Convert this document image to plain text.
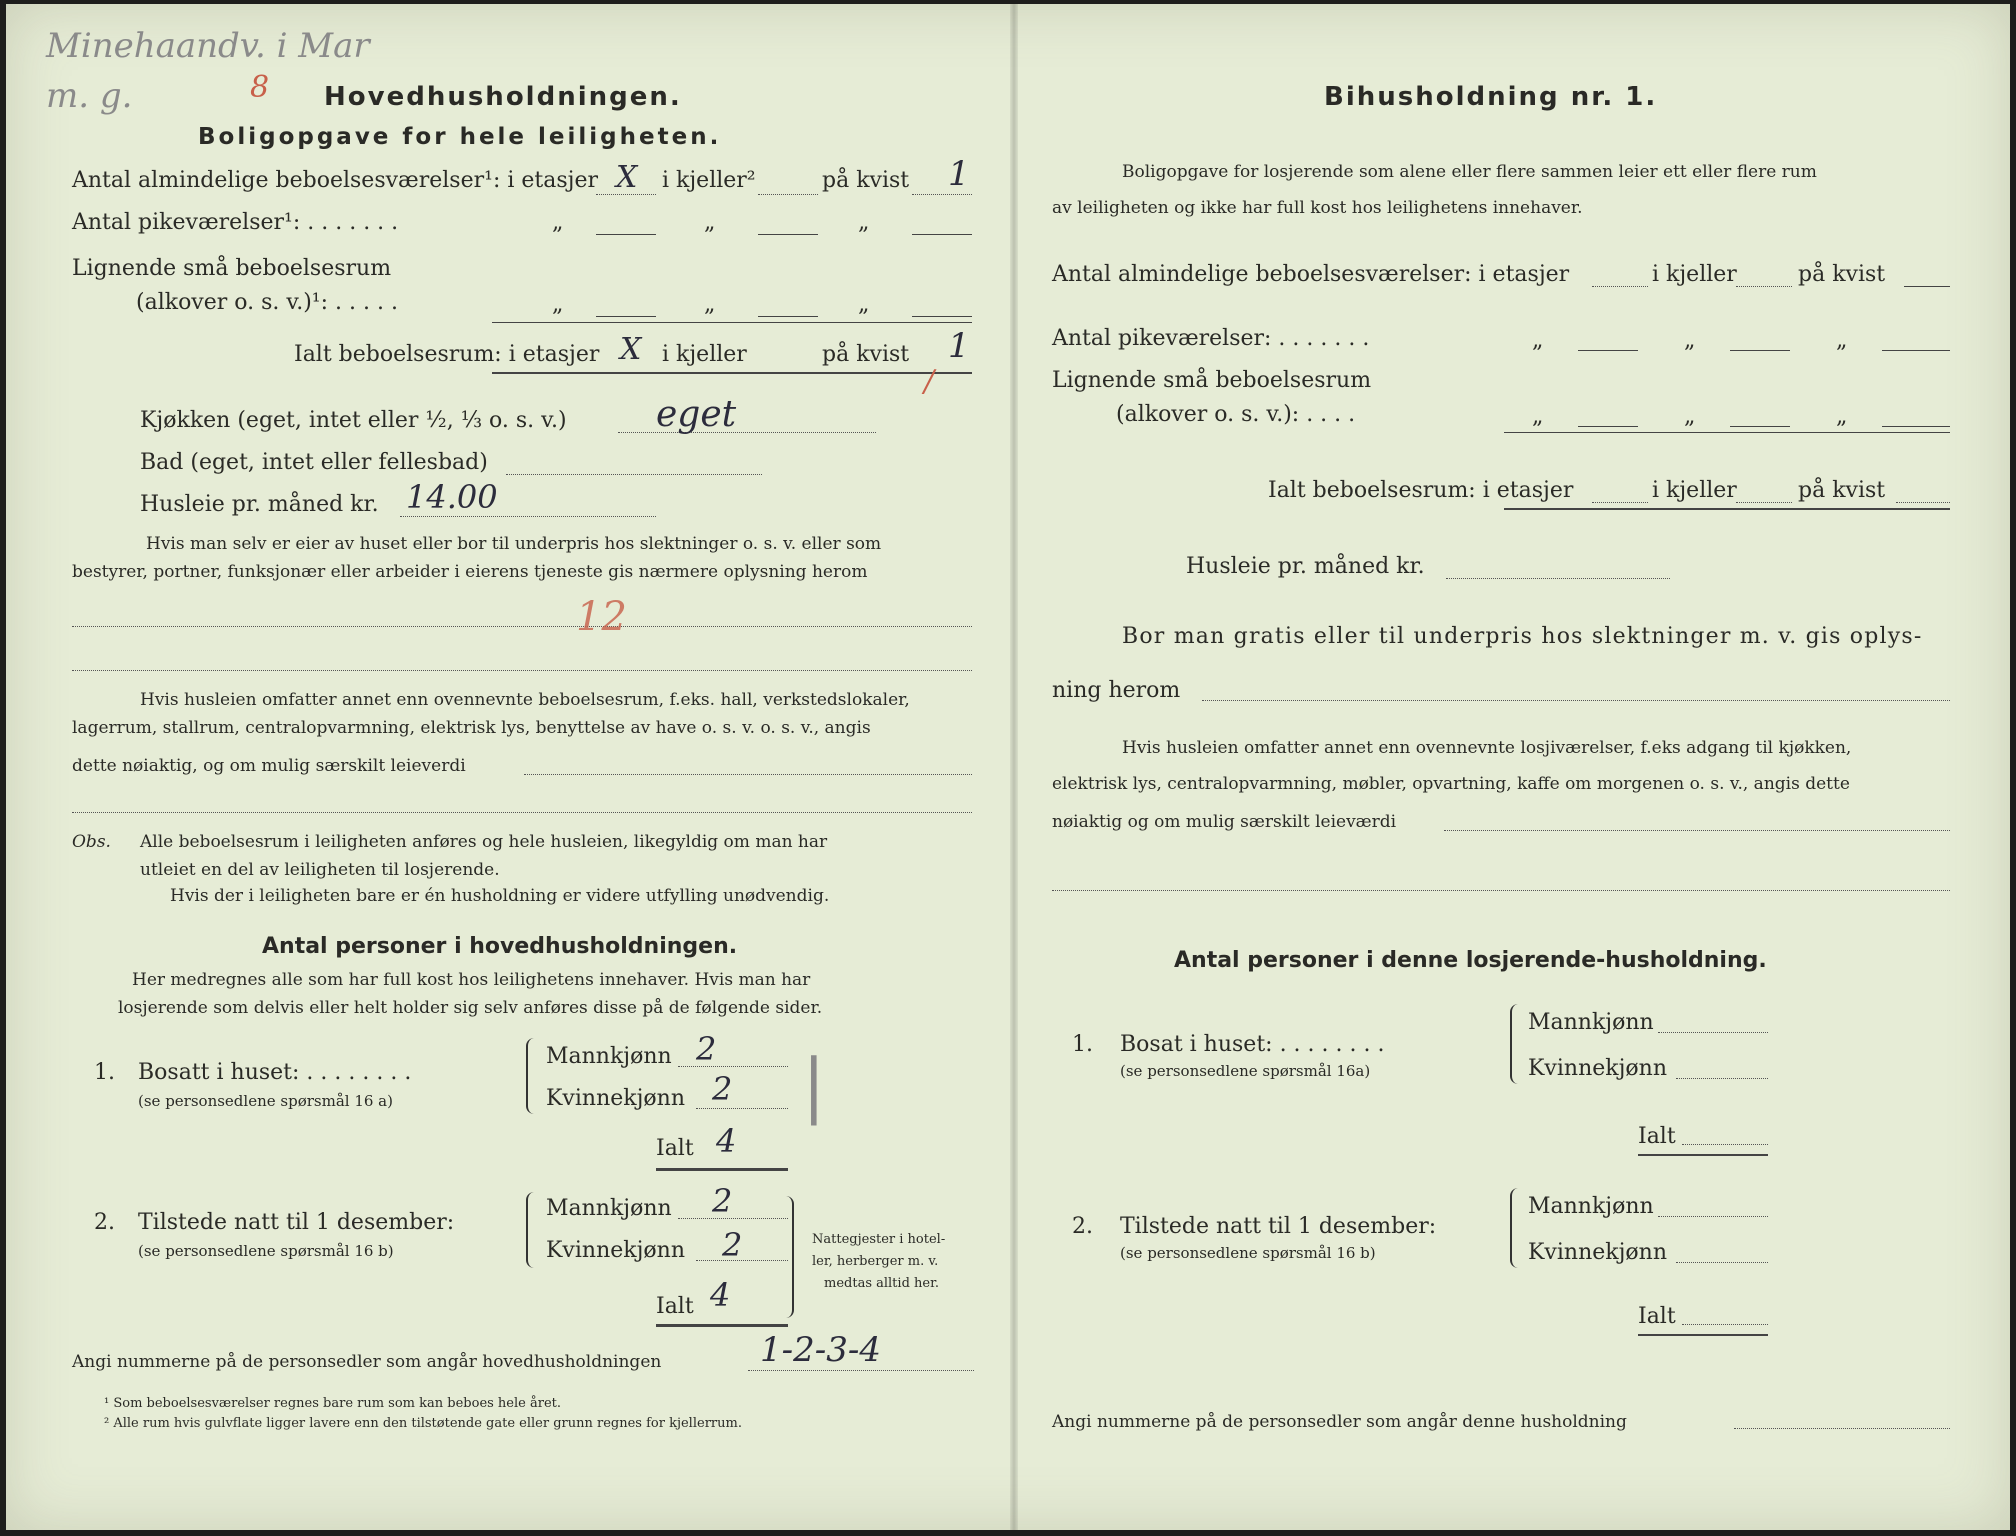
Minehaandv. i Mar
m. g.	8 Hovedhusholdningen.
Boligopgave for hele leiligheten.
Antal almindelige beboelsesværelser¹: i etasjer X i kjeller²	på kvist 1
Antal pikeværelser¹: . . . . . . .	„	„	„
Lignende små beboelsesrum
(alkover o. s. v.)¹: . . . . .	„	„	„
Ialt beboelsesrum: i etasjer X i kjeller	på kvist 1
/
Kjøkken (eget, intet eller ½, ⅓ o. s. v.) eget
Bad (eget, intet eller fellesbad)
Husleie pr. måned kr. 14.00
Hvis man selv er eier av huset eller bor til underpris hos slektninger o. s. v. eller som
bestyrer, portner, funksjonær eller arbeider i eierens tjeneste gis nærmere oplysning herom
12
Hvis husleien omfatter annet enn ovennevnte beboelsesrum, f.eks. hall, verkstedslokaler,
lagerrum, stallrum, centralopvarmning, elektrisk lys, benyttelse av have o. s. v. o. s. v., angis
dette nøiaktig, og om mulig særskilt leieverdi
Obs. Alle beboelsesrum i leiligheten anføres og hele husleien, likegyldig om man har
utleiet en del av leiligheten til losjerende.
Hvis der i leiligheten bare er én husholdning er videre utfylling unødvendig.
Antal personer i hovedhusholdningen.
Her medregnes alle som har full kost hos leilighetens innehaver. Hvis man har
losjerende som delvis eller helt holder sig selv anføres disse på de følgende sider.
1. Bosatt i huset: . . . . . . . .
(se personsedlene spørsmål 16 a)
Mannkjønn 2
Kvinnekjønn 2
Ialt 4
|
2. Tilstede natt til 1 desember:
(se personsedlene spørsmål 16 b)
Mannkjønn 2
Kvinnekjønn 2
Ialt 4
Nattegjester i hotel-
ler, herberger m. v.
medtas alltid her.
Angi nummerne på de personsedler som angår hovedhusholdningen	1-2-3-4
¹ Som beboelsesværelser regnes bare rum som kan beboes hele året.
² Alle rum hvis gulvflate ligger lavere enn den tilstøtende gate eller grunn regnes for kjellerrum.
Bihusholdning nr. 1.
Boligopgave for losjerende som alene eller flere sammen leier ett eller flere rum
av leiligheten og ikke har full kost hos leilighetens innehaver.
Antal almindelige beboelsesværelser: i etasjer	i kjeller	på kvist
Antal pikeværelser: . . . . . . .	„	„	„
Lignende små beboelsesrum
(alkover o. s. v.): . . . .	„	„	„
Ialt beboelsesrum: i etasjer	i kjeller	på kvist
Husleie pr. måned kr.
Bor man gratis eller til underpris hos slektninger m. v. gis oplys-
ning herom
Hvis husleien omfatter annet enn ovennevnte losjiværelser, f.eks adgang til kjøkken,
elektrisk lys, centralopvarmning, møbler, opvartning, kaffe om morgenen o. s. v., angis dette
nøiaktig og om mulig særskilt leieværdi
Antal personer i denne losjerende-husholdning.
1. Bosat i huset: . . . . . . . .
(se personsedlene spørsmål 16a)
Mannkjønn
Kvinnekjønn
Ialt
2. Tilstede natt til 1 desember:
(se personsedlene spørsmål 16 b)
Mannkjønn
Kvinnekjønn
Ialt
Angi nummerne på de personsedler som angår denne husholdning
